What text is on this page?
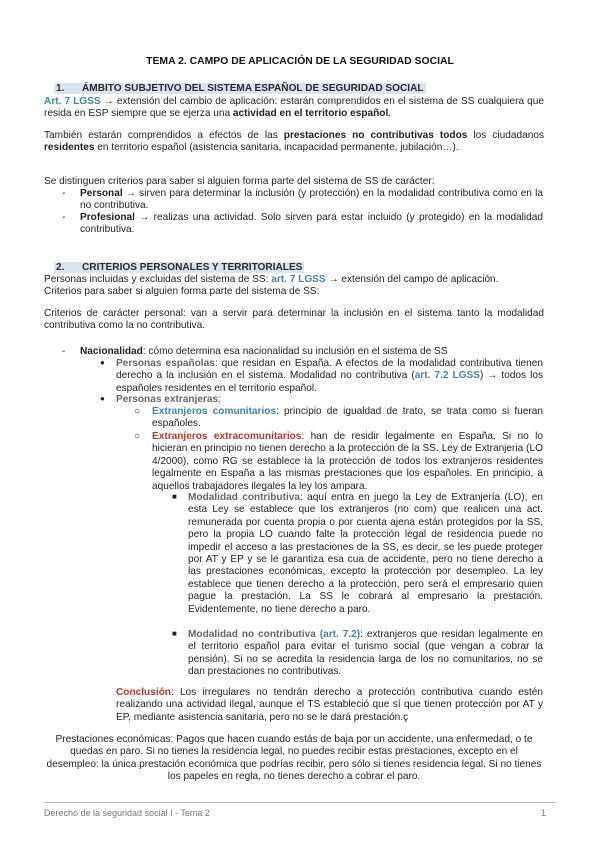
TEMA 2. CAMPO DE APLICACIÓN DE LA SEGURIDAD SOCIAL
1. ÁMBITO SUBJETIVO DEL SISTEMA ESPAÑOL DE SEGURIDAD SOCIAL
Art. 7 LGSS → extensión del cambio de aplicación: estarán comprendidos en el sistema de SS cualquiera que resida en ESP siempre que se ejerza una actividad en el territorio español.
También estarán comprendidos a efectos de las prestaciones no contributivas todos los ciudadanos residentes en territorio español (asistencia sanitaria, incapacidad permanente, jubilación…).
Se distinguen criterios para saber si alguien forma parte del sistema de SS de carácter:
- Personal → sirven para determinar la inclusión (y protección) en la modalidad contributiva como en la no contributiva.
- Profesional → realizas una actividad. Solo sirven para estar incluido (y protegido) en la modalidad contributiva.
2. CRITERIOS PERSONALES Y TERRITORIALES
Personas incluidas y excluidas del sistema de SS: art. 7 LGSS → extensión del campo de aplicación.
Criterios para saber si alguien forma parte del sistema de SS:
Criterios de carácter personal: van a servir para determinar la inclusión en el sistema tanto la modalidad contributiva como la no contributiva.
- Nacionalidad: cómo determina esa nacionalidad su inclusión en el sistema de SS
● Personas españolas: que residan en España. A efectos de la modalidad contributiva tienen derecho a la inclusión en el sistema. Modalidad no contributiva (art. 7.2 LGSS) → todos los españoles residentes en el territorio español.
● Personas extranjeras:
○ Extranjeros comunitarios: principio de igualdad de trato, se trata como si fueran españoles.
○ Extranjeros extracomunitarios: han de residir legalmente en España. Si no lo hicieran en principio no tienen derecho a la protección de la SS. Ley de Extranjeria (LO 4/2000), como RG se establece la la protección de todos los extranjeros residentes legalmente en España a las mismas prestaciones que los españoles. En principio, a aquellos trabajadores ilegales la ley los ampara.
■ Modalidad contributiva: aquí entra en juego la Ley de Extranjería (LO), en esta Ley se establece que los extranjeros (no com) que realicen una act. remunerada por cuenta propia o por cuenta ajena están protegidos por la SS, pero la propia LO cuando falte la protección legal de residencia puede no impedir el acceso a las prestaciones de la SS, es decir, se les puede proteger por AT y EP y se le garantiza esa cua de accidente, pero no tiene derecho a las prestaciones económicas, excepto la protección por desempleo. La ley establece que tienen derecho a la protección, pero será el empresario quien pague la prestación. La SS le cobrará al empresario la prestación. Evidentemente, no tiene derecho a paro.
■ Modalidad no contributiva (art. 7.2): extranjeros que residan legalmente en el territorio español para evitar el turismo social (que vengan a cobrar la pensión). Si no se acredita la residencia larga de los no comunitarios, no se dan prestaciones no contributivas.
Conclusión: Los irregulares no tendrán derecho a protección contributiva cuando estén realizando una actividad ilegal, aunque el TS estableció que sí que tienen protección por AT y EP, mediante asistencia sanitaria, pero no se le dará prestación.ç
Prestaciones económicas: Pagos que hacen cuando estás de baja por un accidente, una enfermedad, o te quedas en paro. Si no tienes la residencia legal, no puedes recibir estas prestaciones, excepto en el desempleo: la única prestación económica que podrías recibir, pero sólo si tienes residencia legal. Si no tienes los papeles en regla, no tienes derecho a cobrar el paro.
Derecho de la seguridad social I - Tema 2	1
